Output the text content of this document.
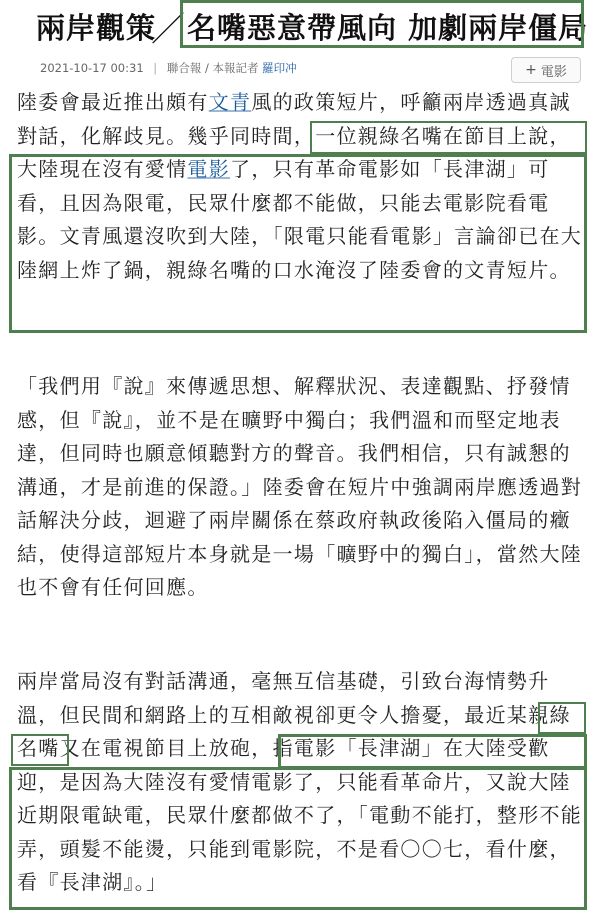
兩岸觀策
／ 名嘴惡意帶風向 加劇兩岸僵局
2021-10-17 00:31 | 聯合報 / 本報記者 羅印冲	+ 電影
陸委會最近推出頗有文青風的政策短片，呼籲兩岸透過真誠對話，化解歧見。幾乎同時間，一位親綠名嘴在節目上說，大陸現在沒有愛情電影了，只有革命電影如「長津湖」可看，且因為限電，民眾什麼都不能做，只能去電影院看電影。文青風還沒吹到大陸，「限電只能看電影」言論卻已在大陸網上炸了鍋，親綠名嘴的口水淹沒了陸委會的文青短片。
「我們用『說』來傳遞思想、解釋狀況、表達觀點、抒發情感，但『說』，並不是在曠野中獨白；我們溫和而堅定地表達，但同時也願意傾聽對方的聲音。我們相信，只有誠懇的溝通，才是前進的保證。」陸委會在短片中強調兩岸應透過對話解決分歧，迴避了兩岸關係在蔡政府執政後陷入僵局的癥結，使得這部短片本身就是一場「曠野中的獨白」，當然大陸也不會有任何回應。
兩岸當局沒有對話溝通，毫無互信基礎，引致台海情勢升溫，但民間和網路上的互相敵視卻更令人擔憂，最近某親綠名嘴又在電視節目上放砲，指電影「長津湖」在大陸受歡迎，是因為大陸沒有愛情電影了，只能看革命片，又說大陸近期限電缺電，民眾什麼都做不了，「電動不能打，整形不能弄，頭髮不能燙，只能到電影院，不是看〇〇七，看什麼，看『長津湖』。」
